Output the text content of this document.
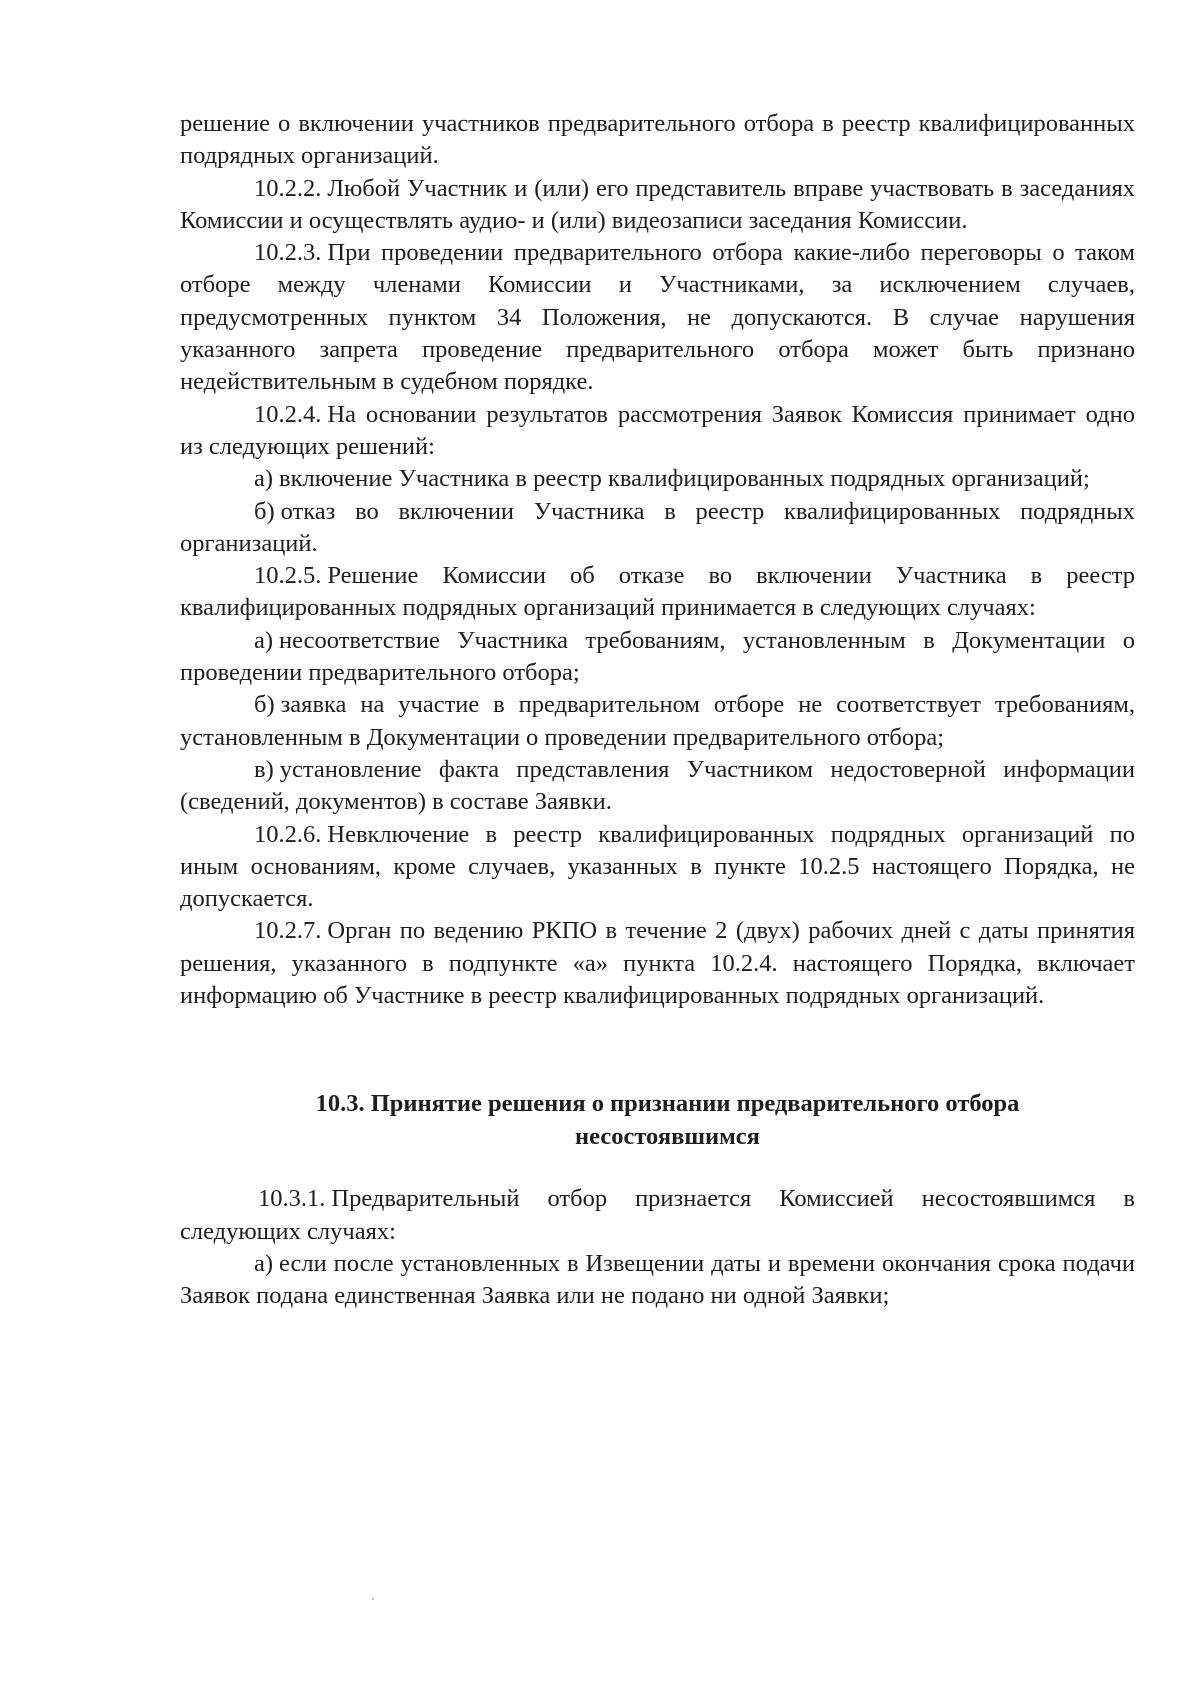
решение о включении участников предварительного отбора в реестр квалифицированных подрядных организаций.

10.2.2. Любой Участник и (или) его представитель вправе участвовать в заседаниях Комиссии и осуществлять аудио- и (или) видеозаписи заседания Комиссии.

10.2.3. При проведении предварительного отбора какие-либо переговоры о таком отборе между членами Комиссии и Участниками, за исключением случаев, предусмотренных пунктом 34 Положения, не допускаются. В случае нарушения указанного запрета проведение предварительного отбора может быть признано недействительным в судебном порядке.

10.2.4. На основании результатов рассмотрения Заявок Комиссия принимает одно из следующих решений:

а) включение Участника в реестр квалифицированных подрядных организаций;

б) отказ во включении Участника в реестр квалифицированных подрядных организаций.

10.2.5. Решение Комиссии об отказе во включении Участника в реестр квалифицированных подрядных организаций принимается в следующих случаях:

а) несоответствие Участника требованиям, установленным в Документации о проведении предварительного отбора;

б) заявка на участие в предварительном отборе не соответствует требованиям, установленным в Документации о проведении предварительного отбора;

в) установление факта представления Участником недостоверной информации (сведений, документов) в составе Заявки.

10.2.6. Невключение в реестр квалифицированных подрядных организаций по иным основаниям, кроме случаев, указанных в пункте 10.2.5 настоящего Порядка, не допускается.

10.2.7. Орган по ведению РКПО в течение 2 (двух) рабочих дней с даты принятия решения, указанного в подпункте «а» пункта 10.2.4. настоящего Порядка, включает информацию об Участнике в реестр квалифицированных подрядных организаций.

10.3. Принятие решения о признании предварительного отбора несостоявшимся

10.3.1. Предварительный отбор признается Комиссией несостоявшимся в следующих случаях:

а) если после установленных в Извещении даты и времени окончания срока подачи Заявок подана единственная Заявка или не подано ни одной Заявки;
